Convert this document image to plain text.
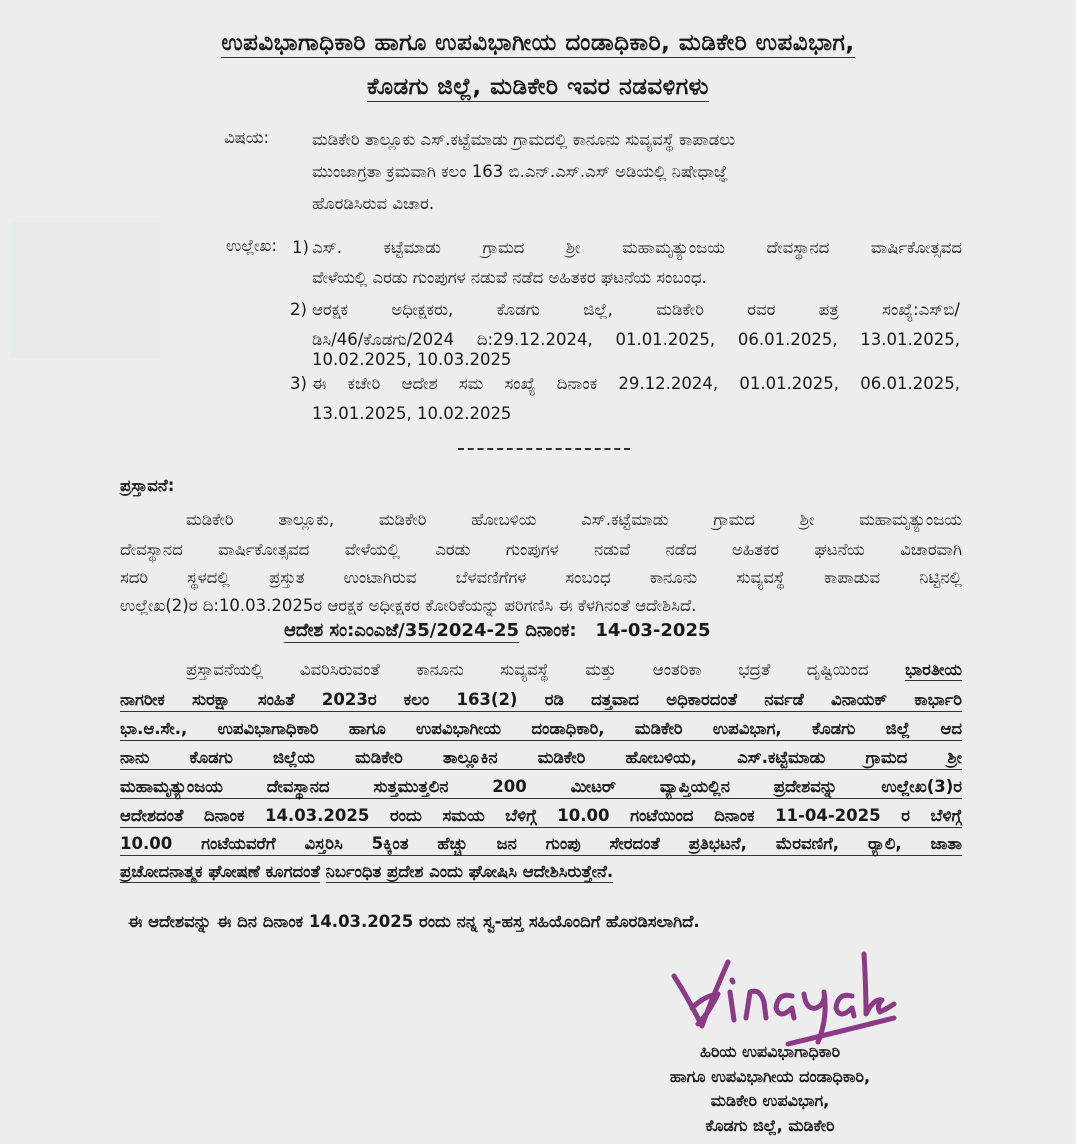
ಉಪವಿಭಾಗಾಧಿಕಾರಿ ಹಾಗೂ ಉಪವಿಭಾಗೀಯ ದಂಡಾಧಿಕಾರಿ, ಮಡಿಕೇರಿ ಉಪವಿಭಾಗ,
ಕೊಡಗು ಜಿಲ್ಲೆ, ಮಡಿಕೇರಿ ಇವರ ನಡವಳಿಗಳು
ವಿಷಯ:	ಮಡಿಕೇರಿ ತಾಲ್ಲೂಕು ಎಸ್.ಕಟ್ಟೆಮಾಡು ಗ್ರಾಮದಲ್ಲಿ ಕಾನೂನು ಸುವ್ಯವಸ್ಥೆ ಕಾಪಾಡಲು
ಮುಂಜಾಗ್ರತಾ ಕ್ರಮವಾಗಿ ಕಲಂ 163 ಬಿ.ಎನ್.ಎಸ್.ಎಸ್ ಅಡಿಯಲ್ಲಿ ನಿಷೇಧಾಜ್ಞೆ
ಹೊರಡಿಸಿರುವ ವಿಚಾರ.
ಉಲ್ಲೇಖ: 1) ಎಸ್. ಕಟ್ಟೆಮಾಡು ಗ್ರಾಮದ ಶ್ರೀ ಮಹಾಮೃತ್ಯುಂಜಯ ದೇವಸ್ಥಾನದ ವಾರ್ಷಿಕೋತ್ಸವದ
ವೇಳೆಯಲ್ಲಿ ಎರಡು ಗುಂಪುಗಳ ನಡುವೆ ನಡೆದ ಅಹಿತಕರ ಘಟನೆಯ ಸಂಬಂಧ.
2) ಆರಕ್ಷಕ ಅಧೀಕ್ಷಕರು, ಕೊಡಗು ಜಿಲ್ಲೆ, ಮಡಿಕೇರಿ ರವರ ಪತ್ರ ಸಂಖ್ಯೆ:ಎಸ್‌ಬಿ/
ಡಿಸಿ/46/ಕೊಡಗು/2024 ದಿ:29.12.2024, 01.01.2025, 06.01.2025, 13.01.2025,
10.02.2025, 10.03.2025
3) ಈ ಕಚೇರಿ ಆದೇಶ ಸಮ ಸಂಖ್ಯೆ ದಿನಾಂಕ 29.12.2024, 01.01.2025, 06.01.2025,
13.01.2025, 10.02.2025
ಪ್ರಸ್ತಾವನೆ:
ಮಡಿಕೇರಿ ತಾಲ್ಲೂಕು, ಮಡಿಕೇರಿ ಹೋಬಳಿಯ ಎಸ್.ಕಟ್ಟೆಮಾಡು ಗ್ರಾಮದ ಶ್ರೀ ಮಹಾಮೃತ್ಯುಂಜಯ
ದೇವಸ್ಥಾನದ ವಾರ್ಷಿಕೋತ್ಸವದ ವೇಳೆಯಲ್ಲಿ ಎರಡು ಗುಂಪುಗಳ ನಡುವೆ ನಡೆದ ಅಹಿತಕರ ಘಟನೆಯ ವಿಚಾರವಾಗಿ
ಸದರಿ ಸ್ಥಳದಲ್ಲಿ ಪ್ರಸ್ತುತ ಉಂಟಾಗಿರುವ ಬೆಳವಣಿಗೆಗಳ ಸಂಬಂಧ ಕಾನೂನು ಸುವ್ಯವಸ್ಥೆ ಕಾಪಾಡುವ ನಿಟ್ಟಿನಲ್ಲಿ
ಉಲ್ಲೇಖ(2)ರ ದಿ:10.03.2025ರ ಆರಕ್ಷಕ ಅಧೀಕ್ಷಕರ ಕೋರಿಕೆಯನ್ನು ಪರಿಗಣಿಸಿ ಈ ಕೆಳಗಿನಂತೆ ಆದೇಶಿಸಿದೆ.
ಆದೇಶ ಸಂ:ಎಂಎಜೆ/35/2024-25 ದಿನಾಂಕ: 14-03-2025
ಪ್ರಸ್ತಾವನೆಯಲ್ಲಿ ವಿವರಿಸಿರುವಂತೆ ಕಾನೂನು ಸುವ್ಯವಸ್ಥೆ ಮತ್ತು ಆಂತರಿಕಾ ಭದ್ರತೆ ದೃಷ್ಟಿಯಿಂದ ಭಾರತೀಯ
ನಾಗರೀಕ ಸುರಕ್ಷಾ ಸಂಹಿತೆ 2023ರ ಕಲಂ 163(2) ರಡಿ ದತ್ತವಾದ ಅಧಿಕಾರದಂತೆ ನರ್ವಡೆ ವಿನಾಯಕ್ ಕಾರ್ಭಾರಿ
ಭಾ.ಆ.ಸೇ., ಉಪವಿಭಾಗಾಧಿಕಾರಿ ಹಾಗೂ ಉಪವಿಭಾಗೀಯ ದಂಡಾಧಿಕಾರಿ, ಮಡಿಕೇರಿ ಉಪವಿಭಾಗ, ಕೊಡಗು ಜಿಲ್ಲೆ ಆದ
ನಾನು ಕೊಡಗು ಜಿಲ್ಲೆಯ ಮಡಿಕೇರಿ ತಾಲ್ಲೂಕಿನ ಮಡಿಕೇರಿ ಹೋಬಳಿಯ, ಎಸ್.ಕಟ್ಟೆಮಾಡು ಗ್ರಾಮದ ಶ್ರೀ
ಮಹಾಮೃತ್ಯುಂಜಯ ದೇವಸ್ಥಾನದ ಸುತ್ತಮುತ್ತಲಿನ 200 ಮೀಟರ್ ವ್ಯಾಪ್ತಿಯಲ್ಲಿನ ಪ್ರದೇಶವನ್ನು ಉಲ್ಲೇಖ(3)ರ
ಆದೇಶದಂತೆ ದಿನಾಂಕ 14.03.2025 ರಂದು ಸಮಯ ಬೆಳಿಗ್ಗೆ 10.00 ಗಂಟೆಯಿಂದ ದಿನಾಂಕ 11-04-2025 ರ ಬೆಳಿಗ್ಗೆ
10.00 ಗಂಟೆಯವರೆಗೆ ವಿಸ್ತರಿಸಿ 5ಕ್ಕಿಂತ ಹೆಚ್ಚು ಜನ ಗುಂಪು ಸೇರದಂತೆ ಪ್ರತಿಭಟನೆ, ಮೆರವಣಿಗೆ, ರ್‍ಯಾಲಿ, ಜಾತಾ
ಪ್ರಚೋದನಾತ್ಮಕ ಘೋಷಣೆ ಕೂಗದಂತೆ ನಿರ್ಬಂಧಿತ ಪ್ರದೇಶ ಎಂದು ಘೋಷಿಸಿ ಆದೇಶಿಸಿರುತ್ತೇನೆ.
ಈ ಆದೇಶವನ್ನು ಈ ದಿನ ದಿನಾಂಕ 14.03.2025 ರಂದು ನನ್ನ ಸ್ವ-ಹಸ್ತ ಸಹಿಯೊಂದಿಗೆ ಹೊರಡಿಸಲಾಗಿದೆ.
ಹಿರಿಯ ಉಪವಿಭಾಗಾಧಿಕಾರಿ
ಹಾಗೂ ಉಪವಿಭಾಗೀಯ ದಂಡಾಧಿಕಾರಿ,
ಮಡಿಕೇರಿ ಉಪವಿಭಾಗ,
ಕೊಡಗು ಜಿಲ್ಲೆ, ಮಡಿಕೇರಿ
